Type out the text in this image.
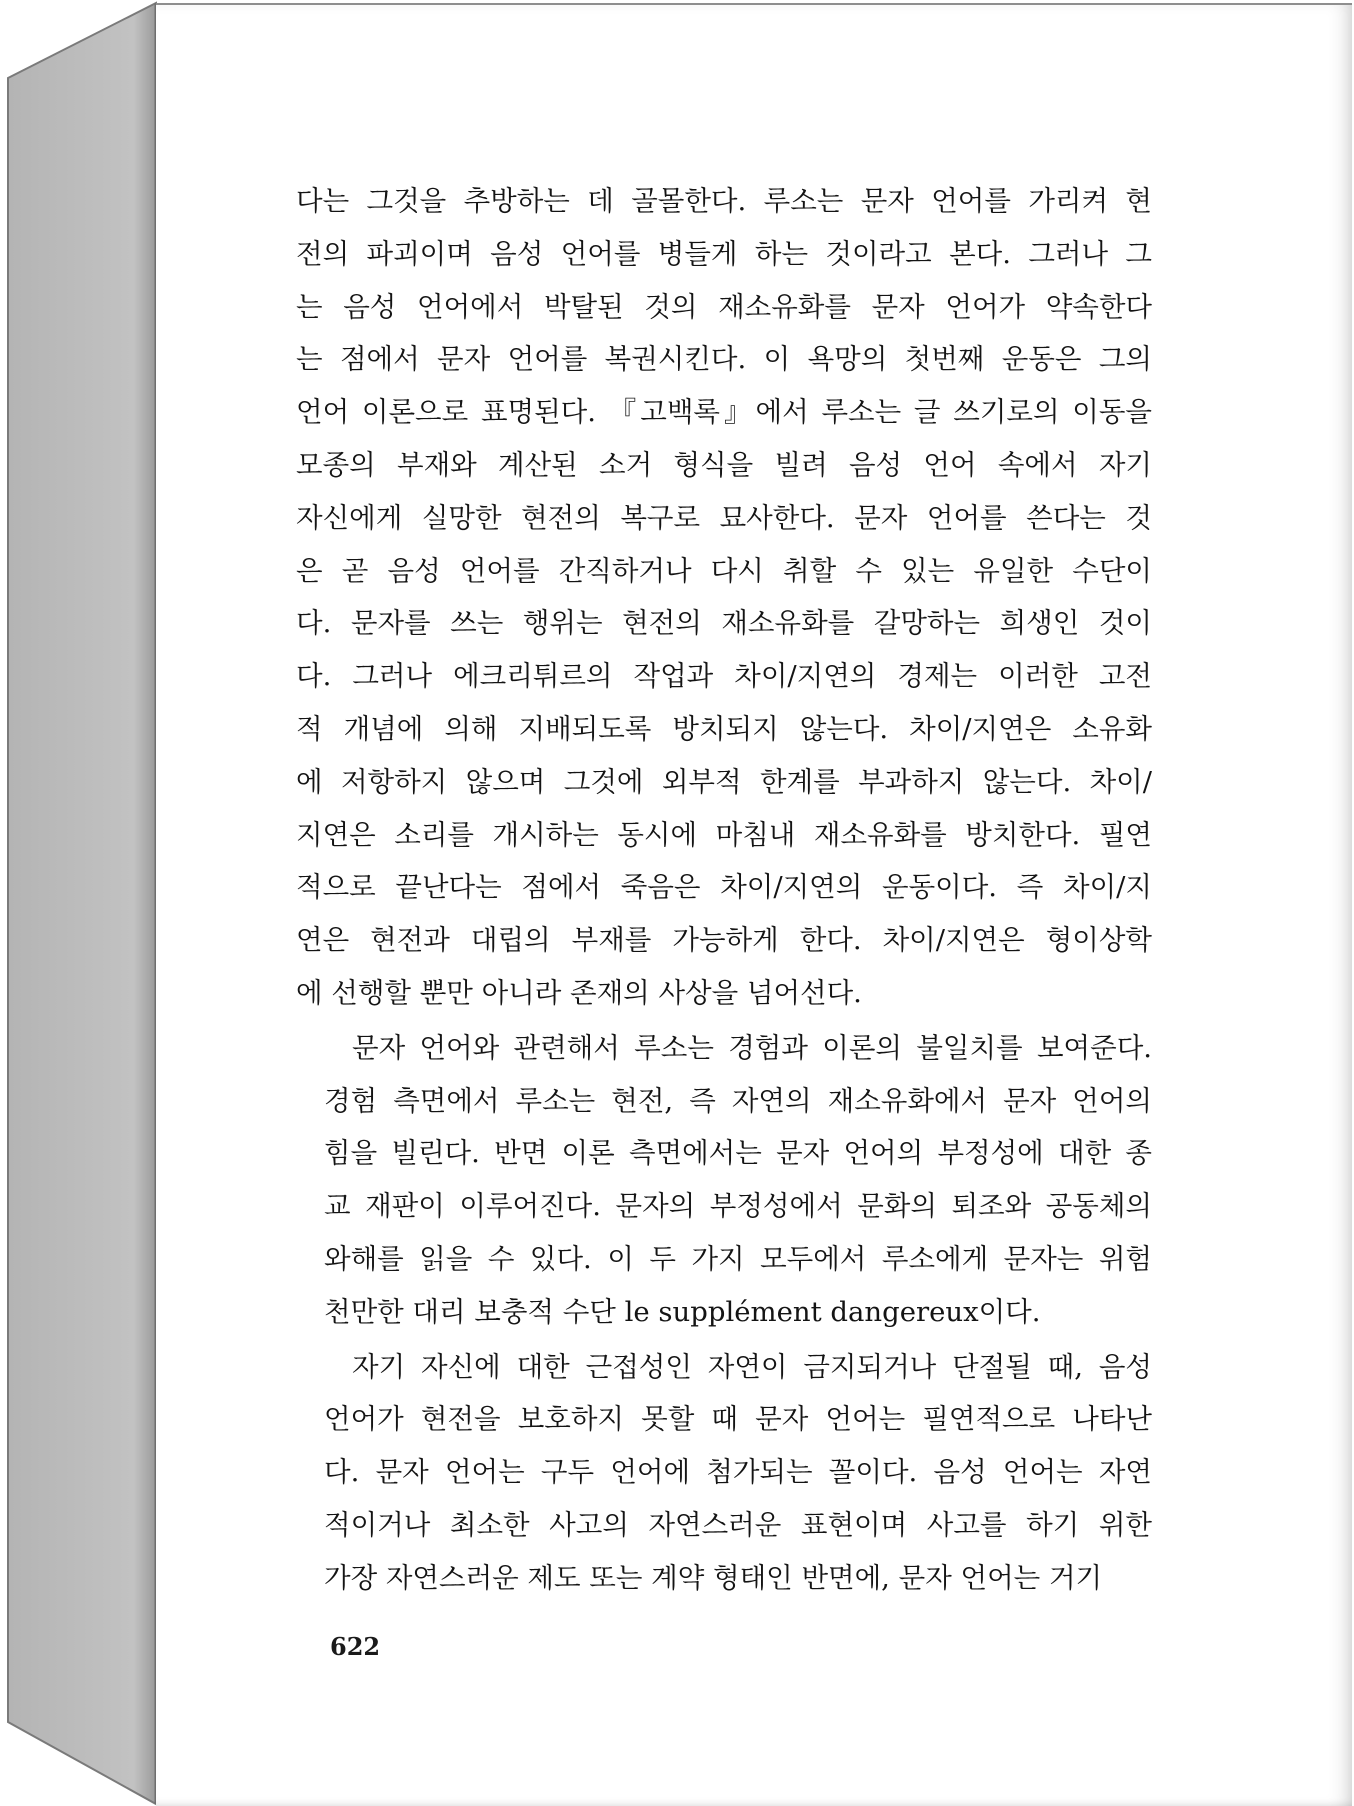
다는 그것을 추방하는 데 골몰한다. 루소는 문자 언어를 가리켜 현
전의 파괴이며 음성 언어를 병들게 하는 것이라고 본다. 그러나 그
는 음성 언어에서 박탈된 것의 재소유화를 문자 언어가 약속한다
는 점에서 문자 언어를 복권시킨다. 이 욕망의 첫번째 운동은 그의
언어 이론으로 표명된다. 『고백록』에서 루소는 글 쓰기로의 이동을
모종의 부재와 계산된 소거 형식을 빌려 음성 언어 속에서 자기
자신에게 실망한 현전의 복구로 묘사한다. 문자 언어를 쓴다는 것
은 곧 음성 언어를 간직하거나 다시 취할 수 있는 유일한 수단이
다. 문자를 쓰는 행위는 현전의 재소유화를 갈망하는 희생인 것이
다. 그러나 에크리튀르의 작업과 차이/지연의 경제는 이러한 고전
적 개념에 의해 지배되도록 방치되지 않는다. 차이/지연은 소유화
에 저항하지 않으며 그것에 외부적 한계를 부과하지 않는다. 차이/
지연은 소리를 개시하는 동시에 마침내 재소유화를 방치한다. 필연
적으로 끝난다는 점에서 죽음은 차이/지연의 운동이다. 즉 차이/지
연은 현전과 대립의 부재를 가능하게 한다. 차이/지연은 형이상학
에 선행할 뿐만 아니라 존재의 사상을 넘어선다.

문자 언어와 관련해서 루소는 경험과 이론의 불일치를 보여준다.
경험 측면에서 루소는 현전, 즉 자연의 재소유화에서 문자 언어의
힘을 빌린다. 반면 이론 측면에서는 문자 언어의 부정성에 대한 종
교 재판이 이루어진다. 문자의 부정성에서 문화의 퇴조와 공동체의
와해를 읽을 수 있다. 이 두 가지 모두에서 루소에게 문자는 위험
천만한 대리 보충적 수단 le supplément dangereux이다.

자기 자신에 대한 근접성인 자연이 금지되거나 단절될 때, 음성
언어가 현전을 보호하지 못할 때 문자 언어는 필연적으로 나타난
다. 문자 언어는 구두 언어에 첨가되는 꼴이다. 음성 언어는 자연
적이거나 최소한 사고의 자연스러운 표현이며 사고를 하기 위한
가장 자연스러운 제도 또는 계약 형태인 반면에, 문자 언어는 거기

622
